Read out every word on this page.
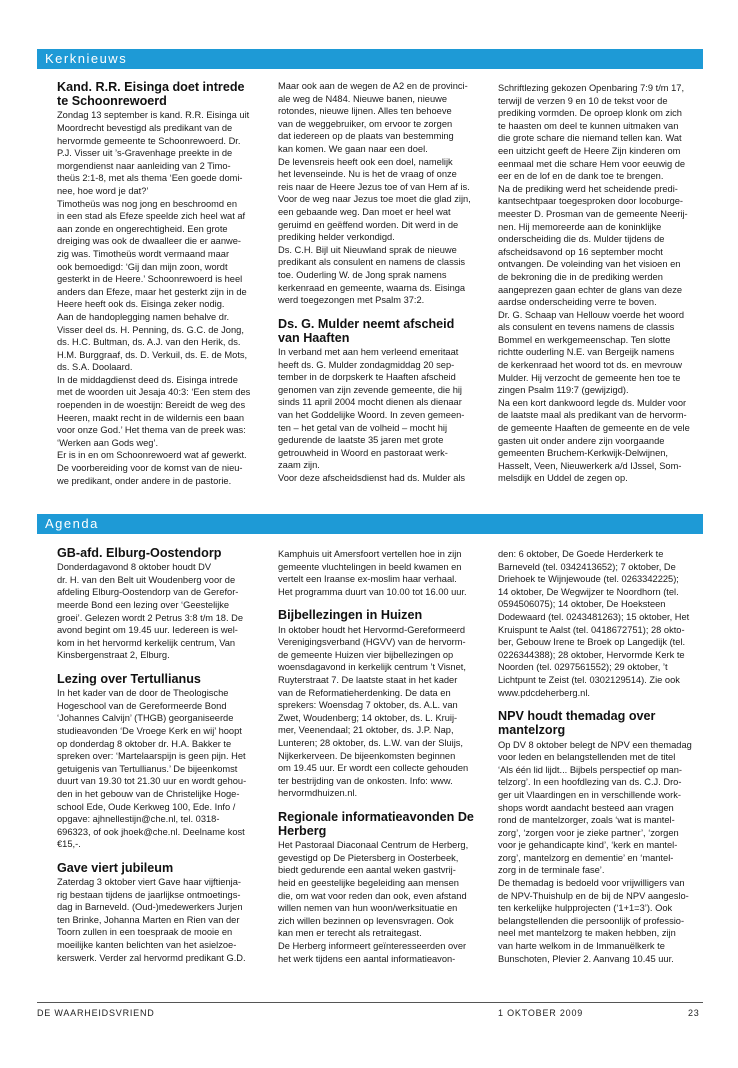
Kerknieuws
Agenda
Kand. R.R. Eisinga doet intrede te Schoonrewoerd
Zondag 13 september is kand. R.R. Eisinga uit
Moordrecht bevestigd als predikant van de
hervormde gemeente te Schoonrewoerd. Dr.
P.J. Visser uit ’s-Gravenhage preekte in de
morgendienst naar aanleiding van 2 Timo-
theüs 2:1-8, met als thema ‘Een goede domi-
nee, hoe word je dat?’
Timotheüs was nog jong en beschroomd en
in een stad als Efeze speelde zich heel wat af
aan zonde en ongerechtigheid. Een grote
dreiging was ook de dwaalleer die er aanwe-
zig was. Timotheüs wordt vermaand maar
ook bemoedigd: ‘Gij dan mijn zoon, wordt
gesterkt in de Heere.’ Schoonrewoerd is heel
anders dan Efeze, maar het gesterkt zijn in de
Heere heeft ook ds. Eisinga zeker nodig.
Aan de handoplegging namen behalve dr.
Visser deel ds. H. Penning, ds. G.C. de Jong,
ds. H.C. Bultman, ds. A.J. van den Herik, ds.
H.M. Burggraaf, ds. D. Verkuil, ds. E. de Mots,
ds. S.A. Doolaard.
In de middagdienst deed ds. Eisinga intrede
met de woorden uit Jesaja 40:3: ‘Een stem des
roependen in de woestijn: Bereidt de weg des
Heeren, maakt recht in de wildernis een baan
voor onze God.’ Het thema van de preek was:
‘Werken aan Gods weg’.
Er is in en om Schoonrewoerd wat af gewerkt.
De voorbereiding voor de komst van de nieu-
we predikant, onder andere in de pastorie.
Maar ook aan de wegen de A2 en de provinci-
ale weg de N484. Nieuwe banen, nieuwe
rotondes, nieuwe lijnen. Alles ten behoeve
van de weggebruiker, om ervoor te zorgen
dat iedereen op de plaats van bestemming
kan komen. We gaan naar een doel.
De levensreis heeft ook een doel, namelijk
het levenseinde. Nu is het de vraag of onze
reis naar de Heere Jezus toe of van Hem af is.
Voor de weg naar Jezus toe moet die glad zijn,
een gebaande weg. Dan moet er heel wat
geruimd en geëffend worden. Dit werd in de
prediking helder verkondigd.
Ds. C.H. Bijl uit Nieuwland sprak de nieuwe
predikant als consulent en namens de classis
toe. Ouderling W. de Jong sprak namens
kerkenraad en gemeente, waarna ds. Eisinga
werd toegezongen met Psalm 37:2.
Ds. G. Mulder neemt afscheid van Haaften
In verband met aan hem verleend emeritaat
heeft ds. G. Mulder zondagmiddag 20 sep-
tember in de dorpskerk te Haaften afscheid
genomen van zijn zevende gemeente, die hij
sinds 11 april 2004 mocht dienen als dienaar
van het Goddelijke Woord. In zeven gemeen-
ten – het getal van de volheid – mocht hij
gedurende de laatste 35 jaren met grote
getrouwheid in Woord en pastoraat werk-
zaam zijn.
Voor deze afscheidsdienst had ds. Mulder als
Schriftlezing gekozen Openbaring 7:9 t/m 17,
terwijl de verzen 9 en 10 de tekst voor de
prediking vormden. De oproep klonk om zich
te haasten om deel te kunnen uitmaken van
die grote schare die niemand tellen kan. Wat
een uitzicht geeft de Heere Zijn kinderen om
eenmaal met die schare Hem voor eeuwig de
eer en de lof en de dank toe te brengen.
Na de prediking werd het scheidende predi-
kantsechtpaar toegesproken door locoburge-
meester D. Prosman van de gemeente Neerij-
nen. Hij memoreerde aan de koninklijke
onderscheiding die ds. Mulder tijdens de
afscheidsavond op 16 september mocht
ontvangen. De voleinding van het visioen en
de bekroning die in de prediking werden
aangeprezen gaan echter de glans van deze
aardse onderscheiding verre te boven.
Dr. G. Schaap van Hellouw voerde het woord
als consulent en tevens namens de classis
Bommel en werkgemeenschap. Ten slotte
richtte ouderling N.E. van Bergeijk namens
de kerkenraad het woord tot ds. en mevrouw
Mulder. Hij verzocht de gemeente hen toe te
zingen Psalm 119:7 (gewijzigd).
Na een kort dankwoord legde ds. Mulder voor
de laatste maal als predikant van de hervorm-
de gemeente Haaften de gemeente en de vele
gasten uit onder andere zijn voorgaande
gemeenten Bruchem-Kerkwijk-Delwijnen,
Hasselt, Veen, Nieuwerkerk a/d IJssel, Som-
melsdijk en Uddel de zegen op.
GB-afd. Elburg-Oostendorp
Donderdagavond 8 oktober houdt DV
dr. H. van den Belt uit Woudenberg voor de
afdeling Elburg-Oostendorp van de Gerefor-
meerde Bond een lezing over ‘Geestelijke
groei’. Gelezen wordt 2 Petrus 3:8 t/m 18. De
avond begint om 19.45 uur. Iedereen is wel-
kom in het hervormd kerkelijk centrum, Van
Kinsbergenstraat 2, Elburg.
Lezing over Tertullianus
In het kader van de door de Theologische
Hogeschool van de Gereformeerde Bond
‘Johannes Calvijn’ (THGB) georganiseerde
studieavonden ‘De Vroege Kerk en wij’ hoopt
op donderdag 8 oktober dr. H.A. Bakker te
spreken over: ‘Martelaarspijn is geen pijn. Het
getuigenis van Tertullianus.’ De bijeenkomst
duurt van 19.30 tot 21.30 uur en wordt gehou-
den in het gebouw van de Christelijke Hoge-
school Ede, Oude Kerkweg 100, Ede. Info /
opgave: ajhnellestijn@che.nl, tel. 0318-
696323, of ook jhoek@che.nl. Deelname kost
€15,-.
Gave viert jubileum
Zaterdag 3 oktober viert Gave haar vijftienja-
rig bestaan tijdens de jaarlijkse ontmoetings-
dag in Barneveld. (Oud-)medewerkers Jurjen
ten Brinke, Johanna Marten en Rien van der
Toorn zullen in een toespraak de mooie en
moeilijke kanten belichten van het asielzoe-
kerswerk. Verder zal hervormd predikant G.D.
Kamphuis uit Amersfoort vertellen hoe in zijn
gemeente vluchtelingen in beeld kwamen en
vertelt een Iraanse ex-moslim haar verhaal.
Het programma duurt van 10.00 tot 16.00 uur.
Bijbellezingen in Huizen
In oktober houdt het Hervormd-Gereformeerd
Verenigingsverband (HGVV) van de hervorm-
de gemeente Huizen vier bijbellezingen op
woensdagavond in kerkelijk centrum ’t Visnet,
Ruyterstraat 7. De laatste staat in het kader
van de Reformatieherdenking. De data en
sprekers: Woensdag 7 oktober, ds. A.L. van
Zwet, Woudenberg; 14 oktober, ds. L. Kruij-
mer, Veenendaal; 21 oktober, ds. J.P. Nap,
Lunteren; 28 oktober, ds. L.W. van der Sluijs,
Nijkerkerveen. De bijeenkomsten beginnen
om 19.45 uur. Er wordt een collecte gehouden
ter bestrijding van de onkosten. Info: www.
hervormdhuizen.nl.
Regionale informatieavonden De Herberg
Het Pastoraal Diaconaal Centrum de Herberg,
gevestigd op De Pietersberg in Oosterbeek,
biedt gedurende een aantal weken gastvrij-
heid en geestelijke begeleiding aan mensen
die, om wat voor reden dan ook, even afstand
willen nemen van hun woon/werksituatie en
zich willen bezinnen op levensvragen. Ook
kan men er terecht als retraitegast.
De Herberg informeert geïnteresseerden over
het werk tijdens een aantal informatieavon-
den: 6 oktober, De Goede Herderkerk te
Barneveld (tel. 0342413652); 7 oktober, De
Driehoek te Wijnjewoude (tel. 0263342225);
14 oktober, De Wegwijzer te Noordhorn (tel.
0594506075); 14 oktober, De Hoeksteen
Dodewaard (tel. 0243481263); 15 oktober, Het
Kruispunt te Aalst (tel. 0418672751); 28 okto-
ber, Gebouw Irene te Broek op Langedijk (tel.
0226344388); 28 oktober, Hervormde Kerk te
Noorden (tel. 0297561552); 29 oktober, ’t
Lichtpunt te Zeist (tel. 0302129514). Zie ook
www.pdcdeherberg.nl.
NPV houdt themadag over mantelzorg
Op DV 8 oktober belegt de NPV een themadag
voor leden en belangstellenden met de titel
‘Als één lid lijdt... Bijbels perspectief op man-
telzorg’. In een hoofdlezing van ds. C.J. Dro-
ger uit Vlaardingen en in verschillende work-
shops wordt aandacht besteed aan vragen
rond de mantelzorger, zoals ‘wat is mantel-
zorg’, ‘zorgen voor je zieke partner’, ‘zorgen
voor je gehandicapte kind’, ‘kerk en mantel-
zorg’, mantelzorg en dementie’ en ‘mantel-
zorg in de terminale fase’.
De themadag is bedoeld voor vrijwilligers van
de NPV-Thuishulp en de bij de NPV aangeslo-
ten kerkelijke hulpprojecten (‘1+1=3’). Ook
belangstellenden die persoonlijk of professio-
neel met mantelzorg te maken hebben, zijn
van harte welkom in de Immanuëlkerk te
Bunschoten, Plevier 2. Aanvang 10.45 uur.
DE WAARHEIDSVRIEND	1 OKTOBER 2009	23
